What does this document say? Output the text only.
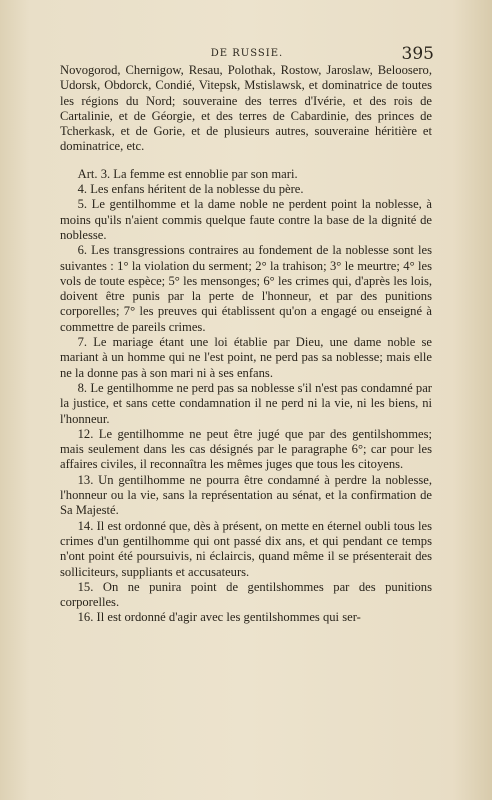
DE RUSSIE.	395

Novogorod, Chernigow, Resau, Polothak, Rostow, Jaroslaw, Beloosero, Udorsk, Obdorck, Condié, Vitepsk, Mstislawsk, et dominatrice de toutes les régions du Nord; souveraine des terres d'Ivérie, et des rois de Cartalinie, et de Géorgie, et des terres de Cabardinie, des princes de Tcherkask, et de Gorie, et de plusieurs autres, souveraine héritière et dominatrice, etc.

Art. 3. La femme est ennoblie par son mari.

4. Les enfans héritent de la noblesse du père.

5. Le gentilhomme et la dame noble ne perdent point la noblesse, à moins qu'ils n'aient commis quelque faute contre la base de la dignité de noblesse.

6. Les transgressions contraires au fondement de la noblesse sont les suivantes : 1° la violation du serment; 2° la trahison; 3° le meurtre; 4° les vols de toute espèce; 5° les mensonges; 6° les crimes qui, d'après les lois, doivent être punis par la perte de l'honneur, et par des punitions corporelles; 7° les preuves qui établissent qu'on a engagé ou enseigné à commettre de pareils crimes.

7. Le mariage étant une loi établie par Dieu, une dame noble se mariant à un homme qui ne l'est point, ne perd pas sa noblesse; mais elle ne la donne pas à son mari ni à ses enfans.

8. Le gentilhomme ne perd pas sa noblesse s'il n'est pas condamné par la justice, et sans cette condamnation il ne perd ni la vie, ni les biens, ni l'honneur.

12. Le gentilhomme ne peut être jugé que par des gentilshommes; mais seulement dans les cas désignés par le paragraphe 6°; car pour les affaires civiles, il reconnaîtra les mêmes juges que tous les citoyens.

13. Un gentilhomme ne pourra être condamné à perdre la noblesse, l'honneur ou la vie, sans la représentation au sénat, et la confirmation de Sa Majesté.

14. Il est ordonné que, dès à présent, on mette en éternel oubli tous les crimes d'un gentilhomme qui ont passé dix ans, et qui pendant ce temps n'ont point été poursuivis, ni éclaircis, quand même il se présenterait des solliciteurs, suppliants et accusateurs.

15. On ne punira point de gentilshommes par des punitions corporelles.

16. Il est ordonné d'agir avec les gentilshommes qui ser-
